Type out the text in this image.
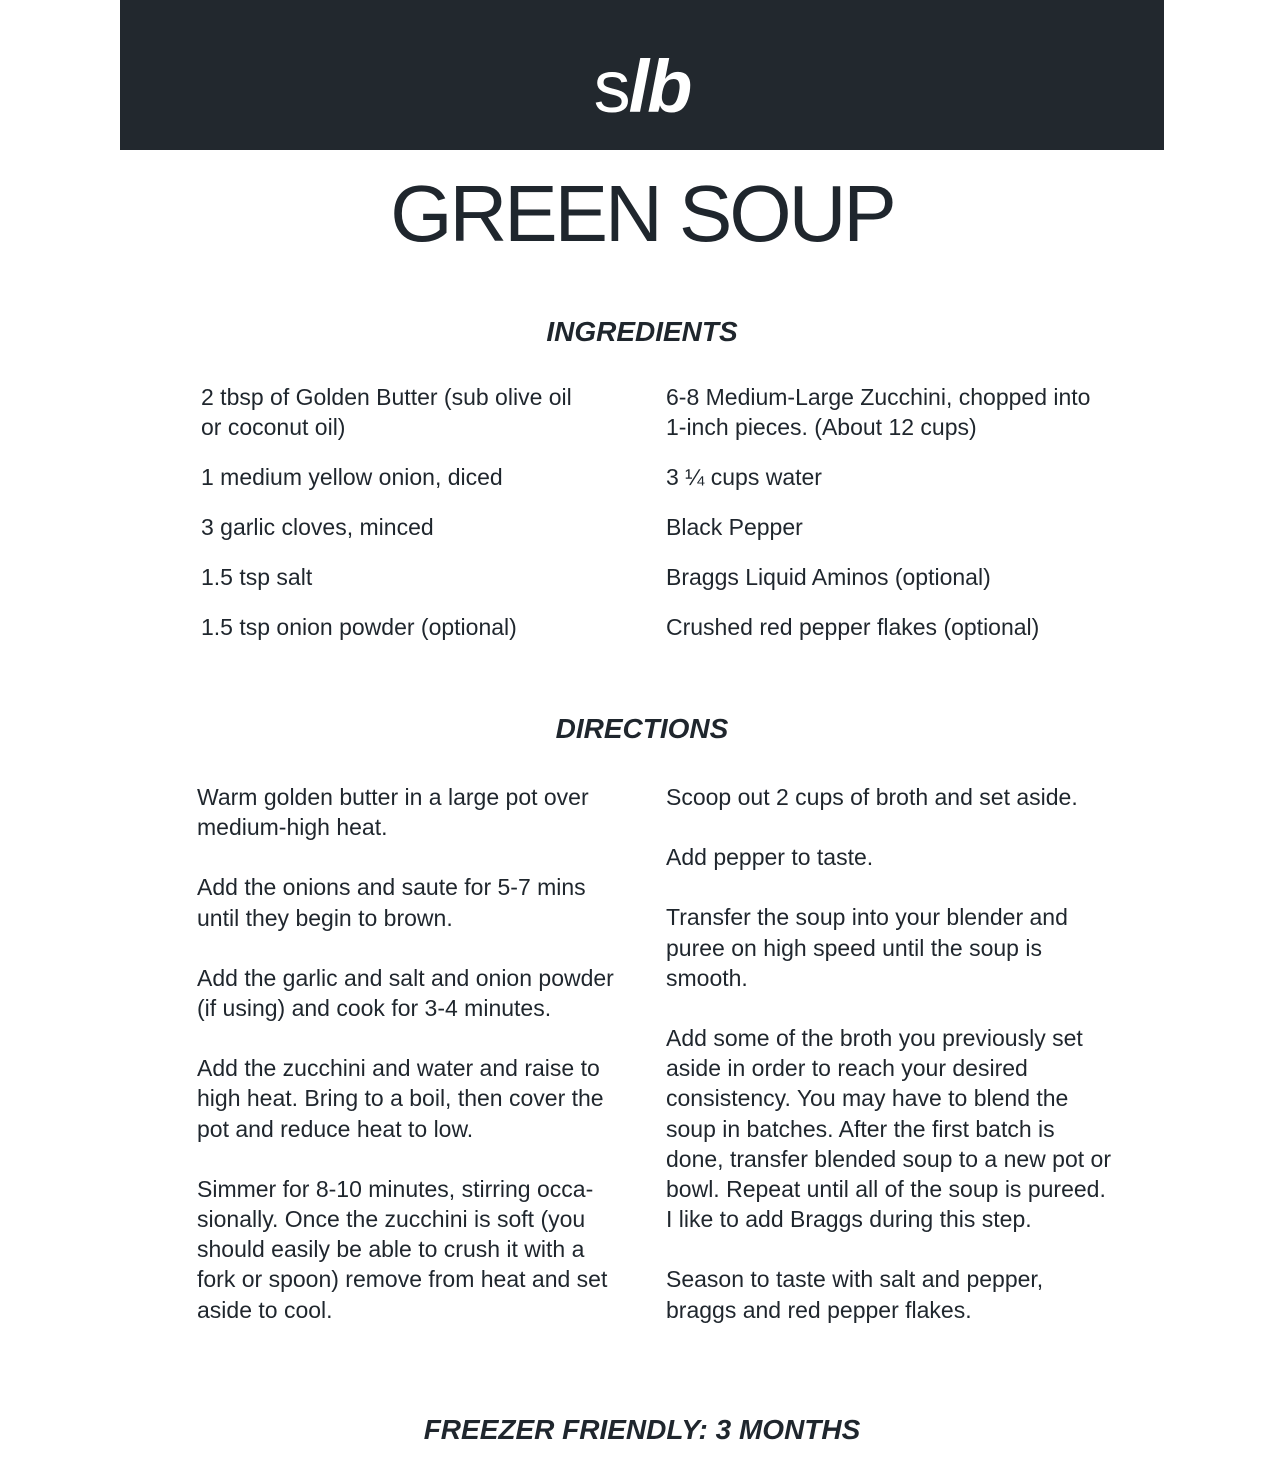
slb
GREEN SOUP
INGREDIENTS
2 tbsp of Golden Butter (sub olive oil or coconut oil)
1 medium yellow onion, diced
3 garlic cloves, minced
1.5 tsp salt
1.5 tsp onion powder (optional)
6-8 Medium-Large Zucchini, chopped into 1-inch pieces. (About 12 cups)
3 ¼ cups water
Black Pepper
Braggs Liquid Aminos (optional)
Crushed red pepper flakes (optional)
DIRECTIONS

Warm golden butter in a large pot over medium-high heat.

Add the onions and saute for 5-7 mins until they begin to brown.

Add the garlic and salt and onion powder (if using) and cook for 3-4 minutes.

Add the zucchini and water and raise to high heat. Bring to a boil, then cover the pot and reduce heat to low.

Simmer for 8-10 minutes, stirring occa-sionally. Once the zucchini is soft (you should easily be able to crush it with a fork or spoon) remove from heat and set aside to cool.

Scoop out 2 cups of broth and set aside.

Add pepper to taste.

Transfer the soup into your blender and puree on high speed until the soup is smooth.

Add some of the broth you previously set aside in order to reach your desired consistency. You may have to blend the soup in batches. After the first batch is done, transfer blended soup to a new pot or bowl. Repeat until all of the soup is pureed. I like to add Braggs during this step.

Season to taste with salt and pepper, braggs and red pepper flakes.

FREEZER FRIENDLY: 3 MONTHS
